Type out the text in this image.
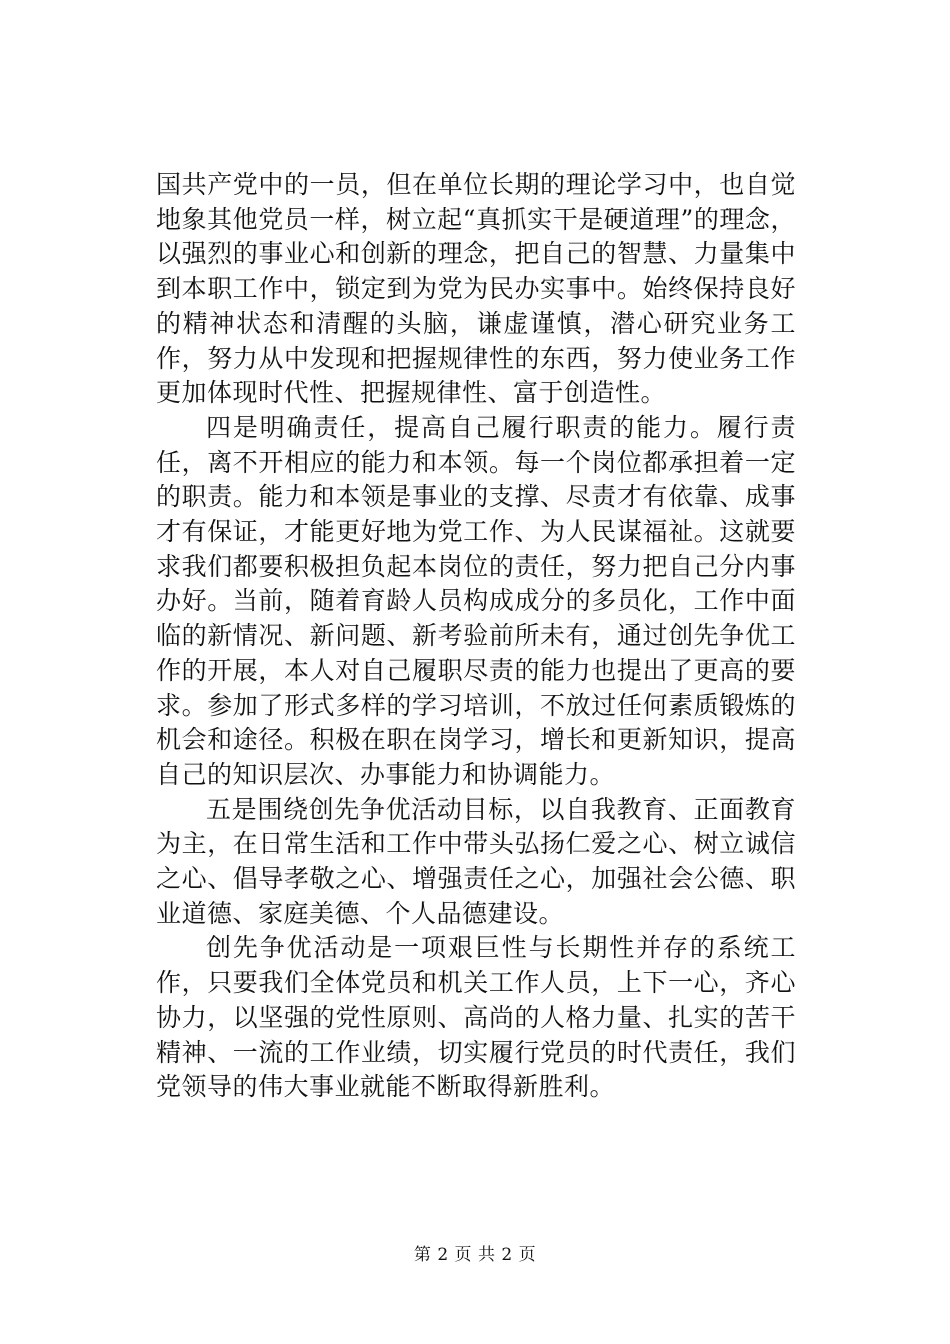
国共产党中的一员，但在单位长期的理论学习中，也自觉地象其他党员一样，树立起“真抓实干是硬道理”的理念，以强烈的事业心和创新的理念，把自己的智慧、力量集中到本职工作中，锁定到为党为民办实事中。始终保持良好的精神状态和清醒的头脑，谦虚谨慎，潜心研究业务工作，努力从中发现和把握规律性的东西，努力使业务工作更加体现时代性、把握规律性、富于创造性。

四是明确责任，提高自己履行职责的能力。履行责任，离不开相应的能力和本领。每一个岗位都承担着一定的职责。能力和本领是事业的支撑、尽责才有依靠、成事才有保证，才能更好地为党工作、为人民谋福祉。这就要求我们都要积极担负起本岗位的责任，努力把自己分内事办好。当前，随着育龄人员构成成分的多员化，工作中面临的新情况、新问题、新考验前所未有，通过创先争优工作的开展，本人对自己履职尽责的能力也提出了更高的要求。参加了形式多样的学习培训，不放过任何素质锻炼的机会和途径。积极在职在岗学习，增长和更新知识，提高自己的知识层次、办事能力和协调能力。

五是围绕创先争优活动目标，以自我教育、正面教育为主，在日常生活和工作中带头弘扬仁爱之心、树立诚信之心、倡导孝敬之心、增强责任之心，加强社会公德、职业道德、家庭美德、个人品德建设。

创先争优活动是一项艰巨性与长期性并存的系统工作，只要我们全体党员和机关工作人员，上下一心，齐心协力，以坚强的党性原则、高尚的人格力量、扎实的苦干精神、一流的工作业绩，切实履行党员的时代责任，我们党领导的伟大事业就能不断取得新胜利。

第 2 页 共 2 页
